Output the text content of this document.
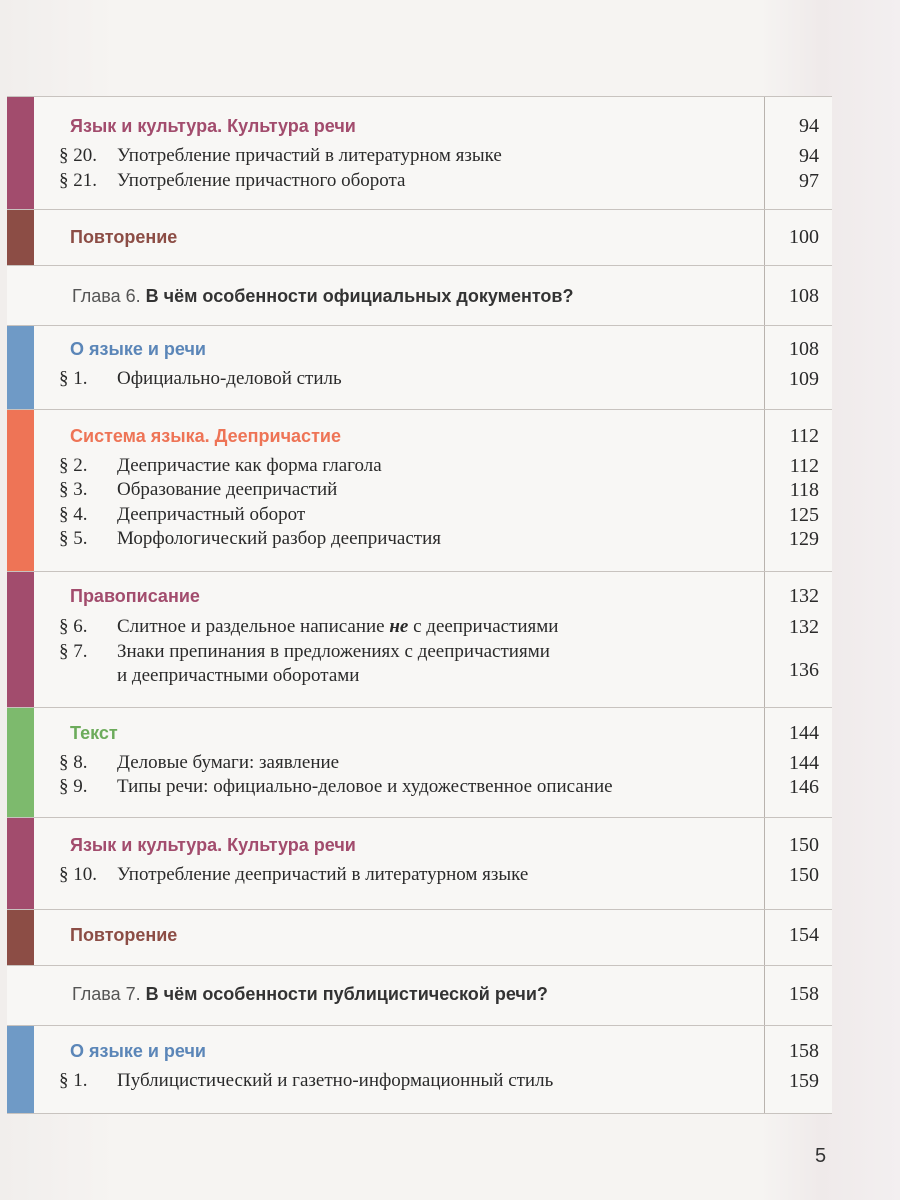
Язык и культура. Культура речи	94
§ 20. Употребление причастий в литературном языке	94
§ 21. Употребление причастного оборота	97
Повторение	100
Глава 6. В чём особенности официальных документов?	108
О языке и речи	108
§ 1. Официально-деловой стиль	109
Система языка. Деепричастие	112
§ 2. Деепричастие как форма глагола	112
§ 3. Образование деепричастий	118
§ 4. Деепричастный оборот	125
§ 5. Морфологический разбор деепричастия	129
Правописание	132
§ 6. Слитное и раздельное написание не с деепричастиями	132
§ 7. Знаки препинания в предложениях с деепричастиями
и деепричастными оборотами	136
Текст	144
§ 8. Деловые бумаги: заявление	144
§ 9. Типы речи: официально-деловое и художественное описание	146
Язык и культура. Культура речи	150
§ 10. Употребление деепричастий в литературном языке	150
Повторение	154
Глава 7. В чём особенности публицистической речи?	158
О языке и речи	158
§ 1. Публицистический и газетно-информационный стиль	159
5
